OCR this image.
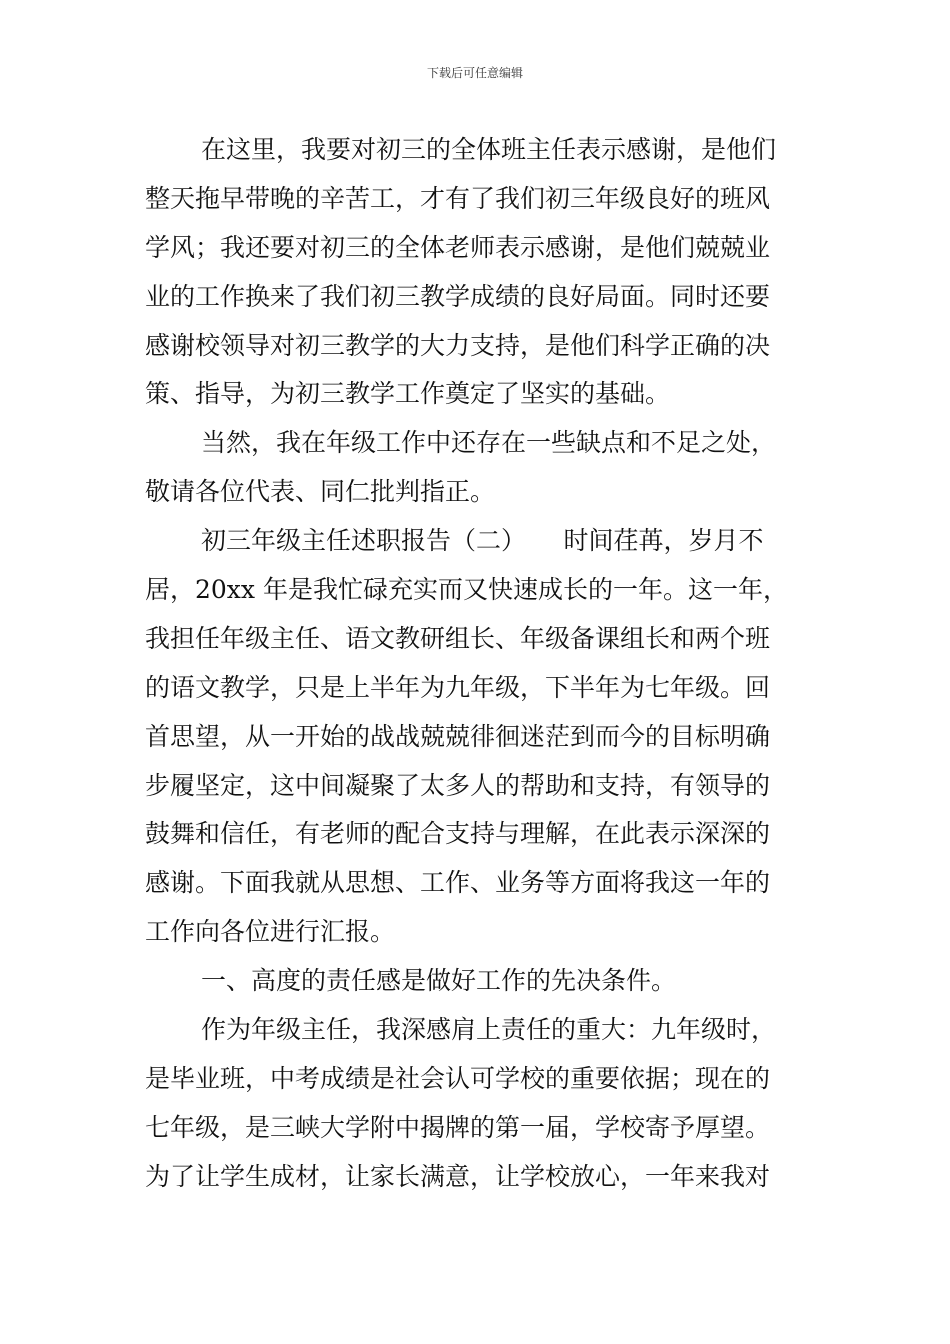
下载后可任意编辑
在这里，我要对初三的全体班主任表示感谢，是他们
整天拖早带晚的辛苦工，才有了我们初三年级良好的班风
学风；我还要对初三的全体老师表示感谢，是他们兢兢业
业的工作换来了我们初三教学成绩的良好局面。同时还要
感谢校领导对初三教学的大力支持，是他们科学正确的决
策、指导，为初三教学工作奠定了坚实的基础。
当然，我在年级工作中还存在一些缺点和不足之处，
敬请各位代表、同仁批判指正。
初三年级主任述职报告（二）　　时间荏苒，岁月不
居，20xx 年是我忙碌充实而又快速成长的一年。这一年，
我担任年级主任、语文教研组长、年级备课组长和两个班
的语文教学，只是上半年为九年级，下半年为七年级。回
首思望，从一开始的战战兢兢徘徊迷茫到而今的目标明确
步履坚定，这中间凝聚了太多人的帮助和支持，有领导的
鼓舞和信任，有老师的配合支持与理解，在此表示深深的
感谢。下面我就从思想、工作、业务等方面将我这一年的
工作向各位进行汇报。
一、高度的责任感是做好工作的先决条件。
作为年级主任，我深感肩上责任的重大：九年级时，
是毕业班，中考成绩是社会认可学校的重要依据；现在的
七年级，是三峡大学附中揭牌的第一届，学校寄予厚望。
为了让学生成材，让家长满意，让学校放心，一年来我对
